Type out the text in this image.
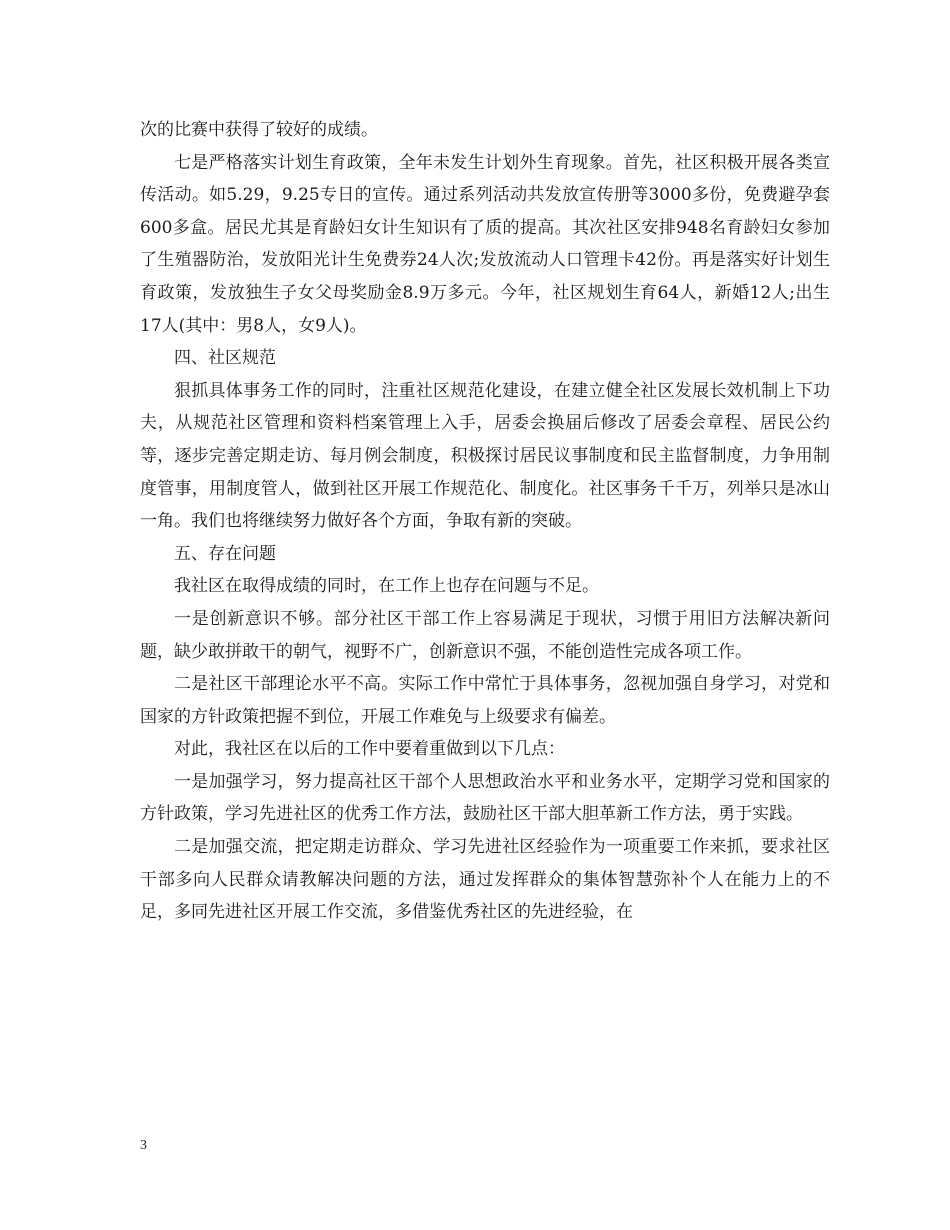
次的比赛中获得了较好的成绩。

七是严格落实计划生育政策，全年未发生计划外生育现象。首先，社区积极开展各类宣传活动。如5.29，9.25专日的宣传。通过系列活动共发放宣传册等3000多份，免费避孕套600多盒。居民尤其是育龄妇女计生知识有了质的提高。其次社区安排948名育龄妇女参加了生殖器防治，发放阳光计生免费券24人次;发放流动人口管理卡42份。再是落实好计划生育政策，发放独生子女父母奖励金8.9万多元。今年，社区规划生育64人，新婚12人;出生17人(其中：男8人，女9人)。

四、社区规范

狠抓具体事务工作的同时，注重社区规范化建设，在建立健全社区发展长效机制上下功夫，从规范社区管理和资料档案管理上入手，居委会换届后修改了居委会章程、居民公约等，逐步完善定期走访、每月例会制度，积极探讨居民议事制度和民主监督制度，力争用制度管事，用制度管人，做到社区开展工作规范化、制度化。社区事务千千万，列举只是冰山一角。我们也将继续努力做好各个方面，争取有新的突破。

五、存在问题

我社区在取得成绩的同时，在工作上也存在问题与不足。

一是创新意识不够。部分社区干部工作上容易满足于现状，习惯于用旧方法解决新问题，缺少敢拼敢干的朝气，视野不广，创新意识不强，不能创造性完成各项工作。

二是社区干部理论水平不高。实际工作中常忙于具体事务，忽视加强自身学习，对党和国家的方针政策把握不到位，开展工作难免与上级要求有偏差。

对此，我社区在以后的工作中要着重做到以下几点：

一是加强学习，努力提高社区干部个人思想政治水平和业务水平，定期学习党和国家的方针政策，学习先进社区的优秀工作方法，鼓励社区干部大胆革新工作方法，勇于实践。

二是加强交流，把定期走访群众、学习先进社区经验作为一项重要工作来抓，要求社区干部多向人民群众请教解决问题的方法，通过发挥群众的集体智慧弥补个人在能力上的不足，多同先进社区开展工作交流，多借鉴优秀社区的先进经验，在

3
